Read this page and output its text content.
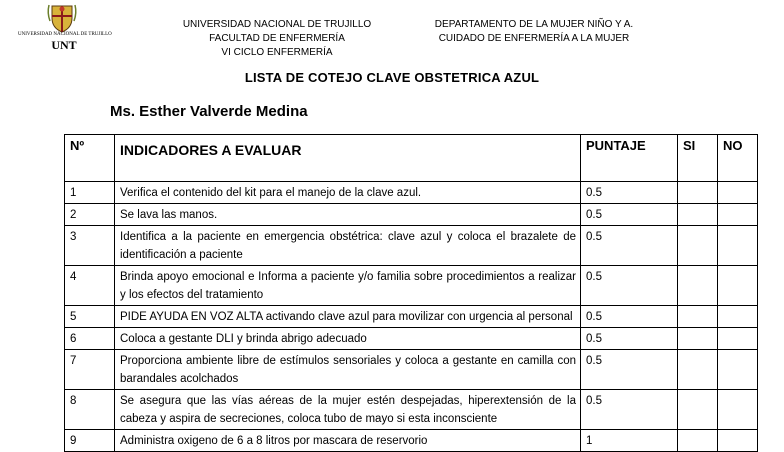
UNIVERSIDAD NACIONAL DE TRUJILLO
UNT
UNIVERSIDAD NACIONAL DE TRUJILLO
FACULTAD DE ENFERMERÍA
VI CICLO ENFERMERÍA
DEPARTAMENTO DE LA MUJER NIÑO Y A.
CUIDADO DE ENFERMERÍA A LA MUJER
LISTA DE COTEJO CLAVE OBSTETRICA AZUL
Ms. Esther Valverde Medina
Nº	INDICADORES A EVALUAR	PUNTAJE	SI	NO
1	Verifica el contenido del kit para el manejo de la clave azul.	0.5		
2	Se lava las manos.	0.5		
3	Identifica a la paciente en emergencia obstétrica: clave azul y coloca el brazalete de identificación a paciente	0.5		
4	Brinda apoyo emocional e Informa a paciente y/o familia sobre procedimientos a realizar y los efectos del tratamiento	0.5		
5	PIDE AYUDA EN VOZ ALTA activando clave azul para movilizar con urgencia al personal	0.5		
6	Coloca a gestante DLI y brinda abrigo adecuado	0.5		
7	Proporciona ambiente libre de estímulos sensoriales y coloca a gestante en camilla con barandales acolchados	0.5		
8	Se asegura que las vías aéreas de la mujer estén despejadas, hiperextensión de la cabeza y aspira de secreciones, coloca tubo de mayo si esta inconsciente	0.5		
9	Administra oxigeno de 6 a 8 litros por mascara de reservorio	1		
